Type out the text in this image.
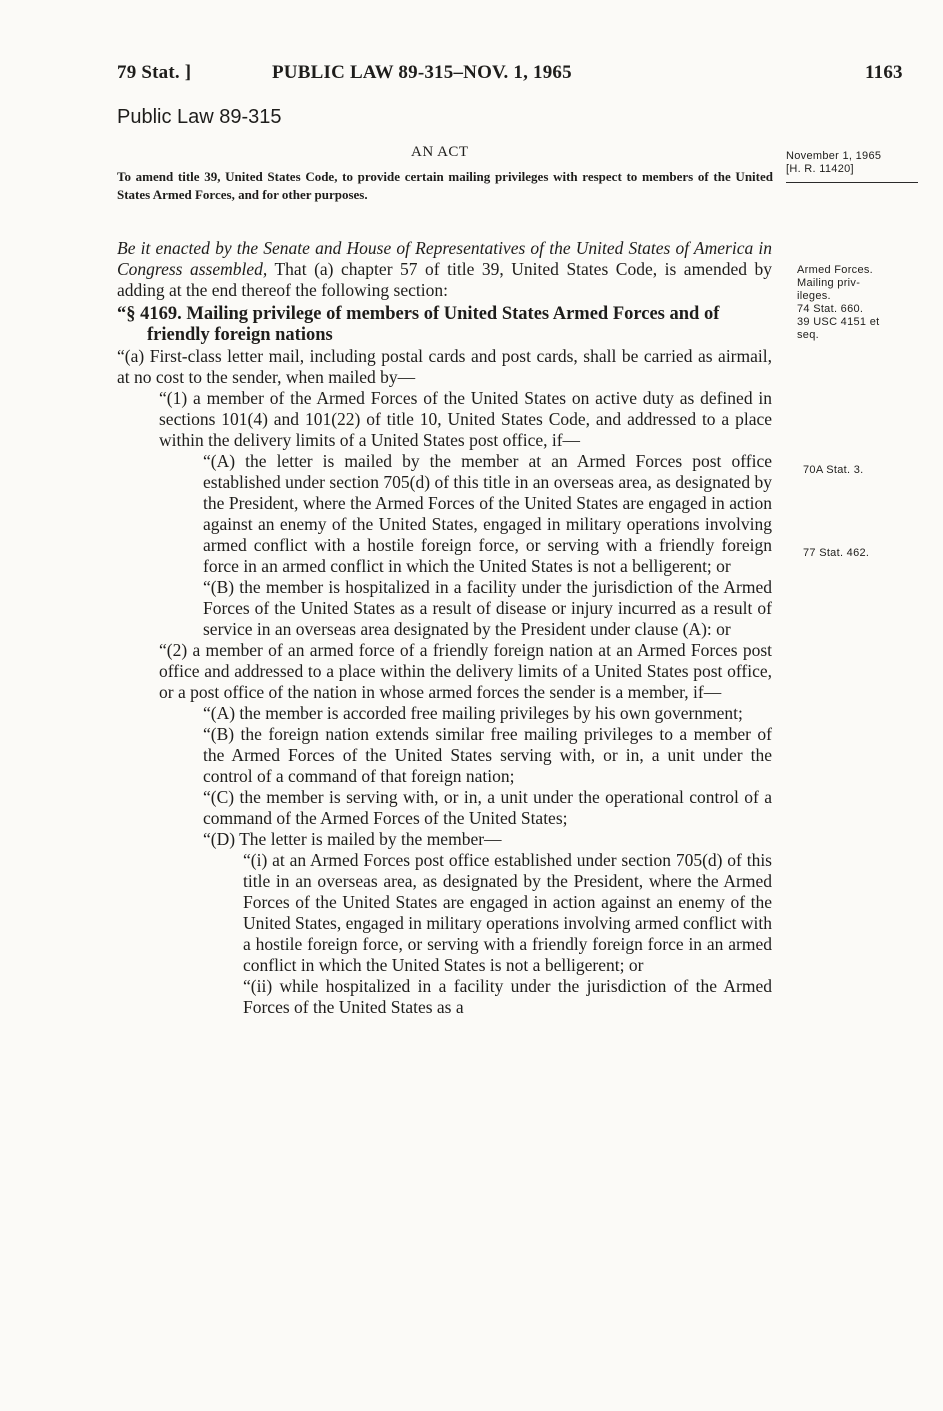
79 Stat. ]	PUBLIC LAW 89-315–NOV. 1, 1965	1163
Public Law 89-315
AN ACT
To amend title 39, United States Code, to provide certain mailing privileges with respect to members of the United States Armed Forces, and for other purposes.
November 1, 1965
[H. R. 11420]
Armed Forces.
Mailing priv-
ileges.
74 Stat. 660.
39 USC 4151 et
seq.
70A Stat. 3.
77 Stat. 462.
Be it enacted by the Senate and House of Representatives of the United States of America in Congress assembled, That (a) chapter 57 of title 39, United States Code, is amended by adding at the end thereof the following section:
“§ 4169. Mailing privilege of members of United States Armed Forces and of friendly foreign nations
“(a) First-class letter mail, including postal cards and post cards, shall be carried as airmail, at no cost to the sender, when mailed by—
“(1) a member of the Armed Forces of the United States on active duty as defined in sections 101(4) and 101(22) of title 10, United States Code, and addressed to a place within the delivery limits of a United States post office, if—
“(A) the letter is mailed by the member at an Armed Forces post office established under section 705(d) of this title in an overseas area, as designated by the President, where the Armed Forces of the United States are engaged in action against an enemy of the United States, engaged in military operations involving armed conflict with a hostile foreign force, or serving with a friendly foreign force in an armed conflict in which the United States is not a belligerent; or
“(B) the member is hospitalized in a facility under the jurisdiction of the Armed Forces of the United States as a result of disease or injury incurred as a result of service in an overseas area designated by the President under clause (A): or
“(2) a member of an armed force of a friendly foreign nation at an Armed Forces post office and addressed to a place within the delivery limits of a United States post office, or a post office of the nation in whose armed forces the sender is a member, if—
“(A) the member is accorded free mailing privileges by his own government;
“(B) the foreign nation extends similar free mailing privileges to a member of the Armed Forces of the United States serving with, or in, a unit under the control of a command of that foreign nation;
“(C) the member is serving with, or in, a unit under the operational control of a command of the Armed Forces of the United States;
“(D) The letter is mailed by the member—
“(i) at an Armed Forces post office established under section 705(d) of this title in an overseas area, as designated by the President, where the Armed Forces of the United States are engaged in action against an enemy of the United States, engaged in military operations involving armed conflict with a hostile foreign force, or serving with a friendly foreign force in an armed conflict in which the United States is not a belligerent; or
“(ii) while hospitalized in a facility under the jurisdiction of the Armed Forces of the United States as a
